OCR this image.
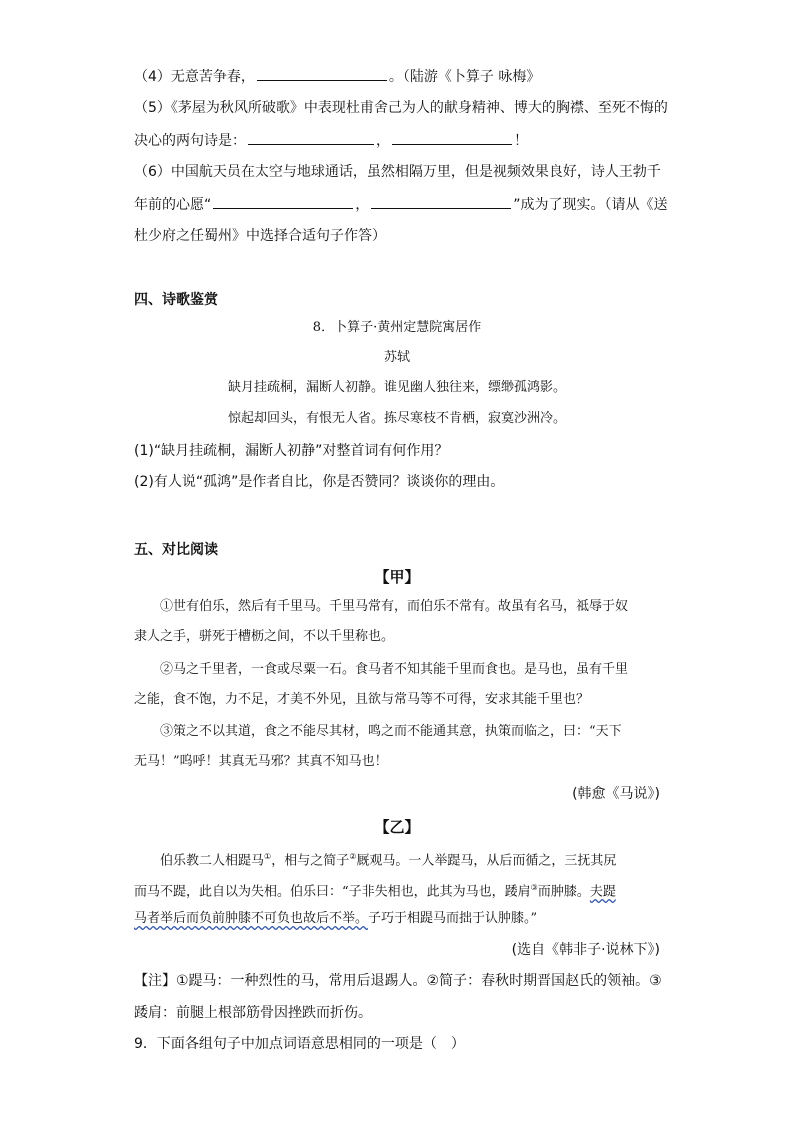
（4）无意苦争春，	。（陆游《卜算子 咏梅》
（5）《茅屋为秋风所破歌》中表现杜甫舍己为人的献身精神、博大的胸襟、至死不悔的
决心的两句诗是：	，	！
（6）中国航天员在太空与地球通话，虽然相隔万里，但是视频效果良好，诗人王勃千
年前的心愿“	，	”成为了现实。（请从《送
杜少府之任蜀州》中选择合适句子作答）
四、诗歌鉴赏
8．卜算子·黄州定慧院寓居作
苏轼
缺月挂疏桐，漏断人初静。谁见幽人独往来，缥缈孤鸿影。
惊起却回头，有恨无人省。拣尽寒枝不肯栖，寂寞沙洲冷。
(1)“缺月挂疏桐，漏断人初静”对整首词有何作用？
(2)有人说“孤鸿”是作者自比，你是否赞同？谈谈你的理由。
五、对比阅读
【甲】
①世有伯乐，然后有千里马。千里马常有，而伯乐不常有。故虽有名马，祗辱于奴
隶人之手，骈死于槽枥之间，不以千里称也。
②马之千里者，一食或尽粟一石。食马者不知其能千里而食也。是马也，虽有千里
之能，食不饱，力不足，才美不外见，且欲与常马等不可得，安求其能千里也？
③策之不以其道，食之不能尽其材，鸣之而不能通其意，执策而临之，曰：“天下
无马！”呜呼！其真无马邪？其真不知马也！
(韩愈《马说》)
【乙】
伯乐教二人相踶马①，相与之简子②厩观马。一人举踶马，从后而循之，三抚其尻
而马不踶，此自以为失相。伯乐曰：“子非失相也，此其为马也，踒肩③而肿膝。夫踶
马者举后而负前肿膝不可负也故后不举。子巧于相踶马而拙于认肿膝。”
(选自《韩非子·说林下》)
【注】①踶马：一种烈性的马，常用后退踢人。②简子：春秋时期晋国赵氏的领袖。③
踒肩：前腿上根部筋骨因挫跌而折伤。
9．下面各组句子中加点词语意思相同的一项是（　）
